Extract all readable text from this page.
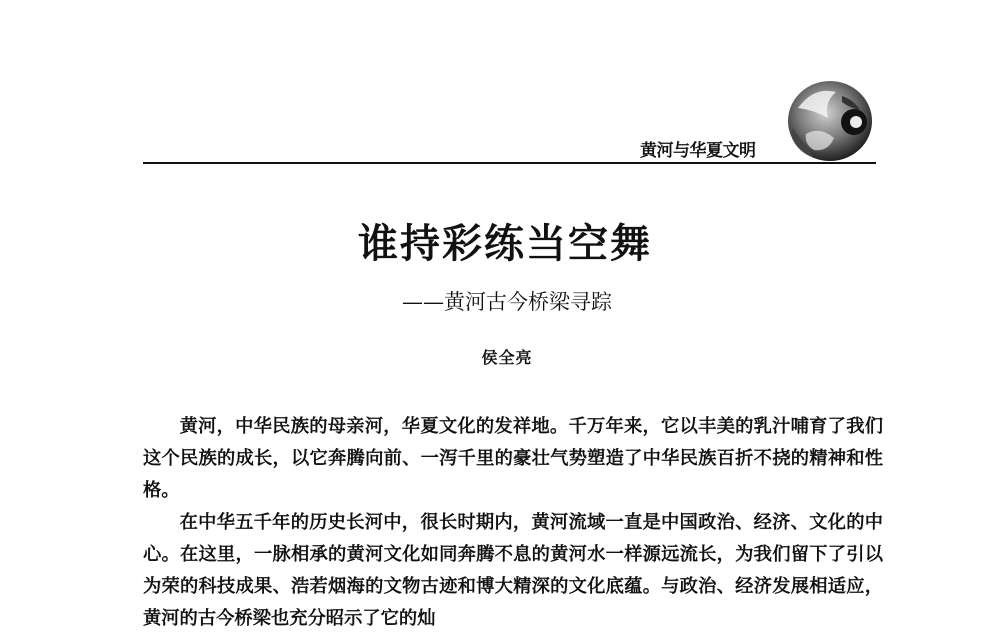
黄河与华夏文明
谁持彩练当空舞
——黄河古今桥梁寻踪
侯全亮

黄河，中华民族的母亲河，华夏文化的发祥地。千万年来，它以丰美的乳汁哺育了我们这个民族的成长，以它奔腾向前、一泻千里的豪壮气势塑造了中华民族百折不挠的精神和性格。

在中华五千年的历史长河中，很长时期内，黄河流域一直是中国政治、经济、文化的中心。在这里，一脉相承的黄河文化如同奔腾不息的黄河水一样源远流长，为我们留下了引以为荣的科技成果、浩若烟海的文物古迹和博大精深的文化底蕴。与政治、经济发展相适应，黄河的古今桥梁也充分昭示了它的灿
